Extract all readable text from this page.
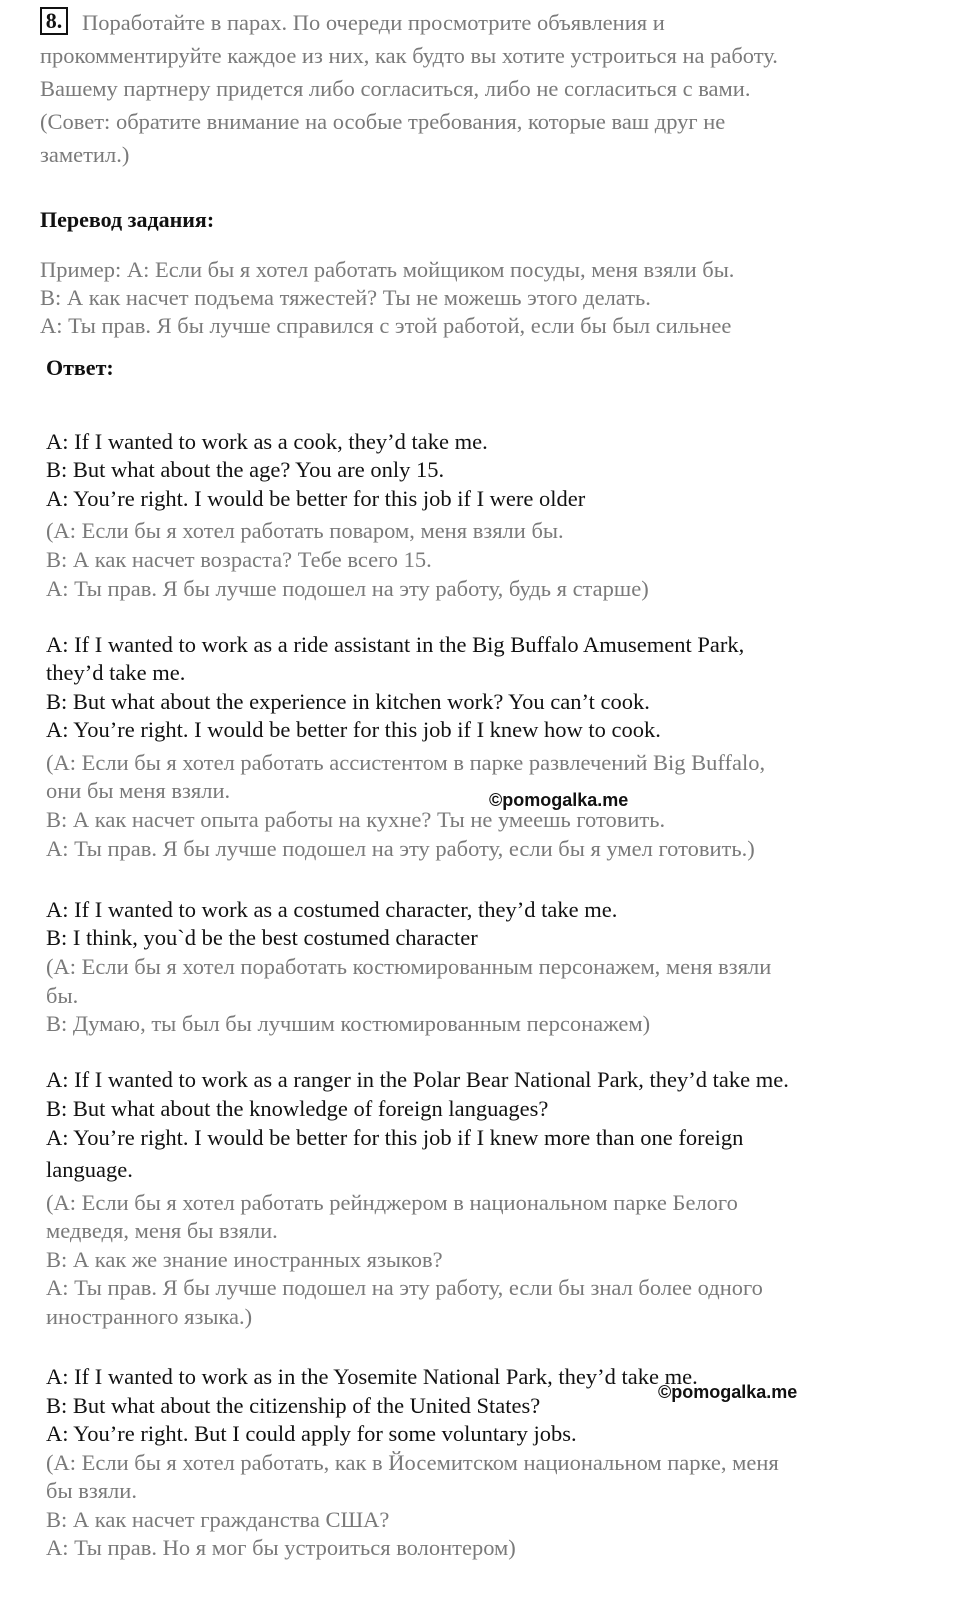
8. Поработайте в парах. По очереди просмотрите объявления и
прокомментируйте каждое из них, как будто вы хотите устроиться на работу.
Вашему партнеру придется либо согласиться, либо не согласиться с вами.
(Совет: обратите внимание на особые требования, которые ваш друг не
заметил.)
Перевод задания:
Пример: A: Если бы я хотел работать мойщиком посуды, меня взяли бы.
B: А как насчет подъема тяжестей? Ты не можешь этого делать.
A: Ты прав. Я бы лучше справился с этой работой, если бы был сильнее
Ответ:
A: If I wanted to work as a cook, they’d take me.
B: But what about the age? You are only 15.
A: You’re right. I would be better for this job if I were older
(A: Если бы я хотел работать поваром, меня взяли бы.
B: А как насчет возраста? Тебе всего 15.
A: Ты прав. Я бы лучше подошел на эту работу, будь я старше)
A: If I wanted to work as a ride assistant in the Big Buffalo Amusement Park,
they’d take me.
B: But what about the experience in kitchen work? You can’t cook.
A: You’re right. I would be better for this job if I knew how to cook.
(A: Если бы я хотел работать ассистентом в парке развлечений Big Buffalo,
они бы меня взяли.
B: А как насчет опыта работы на кухне? Ты не умеешь готовить.
A: Ты прав. Я бы лучше подошел на эту работу, если бы я умел готовить.)
©pomogalka.me
A: If I wanted to work as a costumed character, they’d take me.
B: I think, you`d be the best costumed character
(A: Если бы я хотел поработать костюмированным персонажем, меня взяли
бы.
B: Думаю, ты был бы лучшим костюмированным персонажем)
A: If I wanted to work as a ranger in the Polar Bear National Park, they’d take me.
B: But what about the knowledge of foreign languages?
A: You’re right. I would be better for this job if I knew more than one foreign
language.
(A: Если бы я хотел работать рейнджером в национальном парке Белого
медведя, меня бы взяли.
B: А как же знание иностранных языков?
A: Ты прав. Я бы лучше подошел на эту работу, если бы знал более одного
иностранного языка.)
A: If I wanted to work as in the Yosemite National Park, they’d take me.
B: But what about the citizenship of the United States?
A: You’re right. But I could apply for some voluntary jobs.
©pomogalka.me
(A: Если бы я хотел работать, как в Йосемитском национальном парке, меня
бы взяли.
B: А как насчет гражданства США?
A: Ты прав. Но я мог бы устроиться волонтером)
